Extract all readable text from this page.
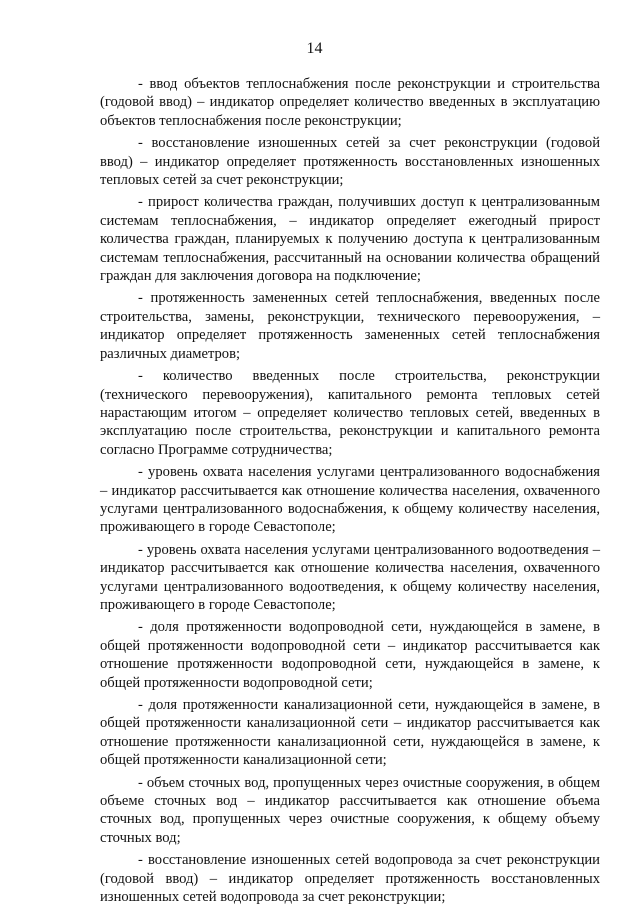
14

- ввод объектов теплоснабжения после реконструкции и строительства (годовой ввод) – индикатор определяет количество введенных в эксплуатацию объектов теплоснабжения после реконструкции;

- восстановление изношенных сетей за счет реконструкции (годовой ввод) – индикатор определяет протяженность восстановленных изношенных тепловых сетей за счет реконструкции;

- прирост количества граждан, получивших доступ к централизованным системам теплоснабжения, – индикатор определяет ежегодный прирост количества граждан, планируемых к получению доступа к централизованным системам теплоснабжения, рассчитанный на основании количества обращений граждан для заключения договора на подключение;

- протяженность замененных сетей теплоснабжения, введенных после строительства, замены, реконструкции, технического перевооружения, – индикатор определяет протяженность замененных сетей теплоснабжения различных диаметров;

- количество введенных после строительства, реконструкции (технического перевооружения), капитального ремонта тепловых сетей нарастающим итогом – определяет количество тепловых сетей, введенных в эксплуатацию после строительства, реконструкции и капитального ремонта согласно Программе сотрудничества;

- уровень охвата населения услугами централизованного водоснабжения – индикатор рассчитывается как отношение количества населения, охваченного услугами централизованного водоснабжения, к общему количеству населения, проживающего в городе Севастополе;

- уровень охвата населения услугами централизованного водоотведения – индикатор рассчитывается как отношение количества населения, охваченного услугами централизованного водоотведения, к общему количеству населения, проживающего в городе Севастополе;

- доля протяженности водопроводной сети, нуждающейся в замене, в общей протяженности водопроводной сети – индикатор рассчитывается как отношение протяженности водопроводной сети, нуждающейся в замене, к общей протяженности водопроводной сети;

- доля протяженности канализационной сети, нуждающейся в замене, в общей протяженности канализационной сети – индикатор рассчитывается как отношение протяженности канализационной сети, нуждающейся в замене, к общей протяженности канализационной сети;

- объем сточных вод, пропущенных через очистные сооружения, в общем объеме сточных вод – индикатор рассчитывается как отношение объема сточных вод, пропущенных через очистные сооружения, к общему объему сточных вод;

- восстановление изношенных сетей водопровода за счет реконструкции (годовой ввод) – индикатор определяет протяженность восстановленных изношенных сетей водопровода за счет реконструкции;
